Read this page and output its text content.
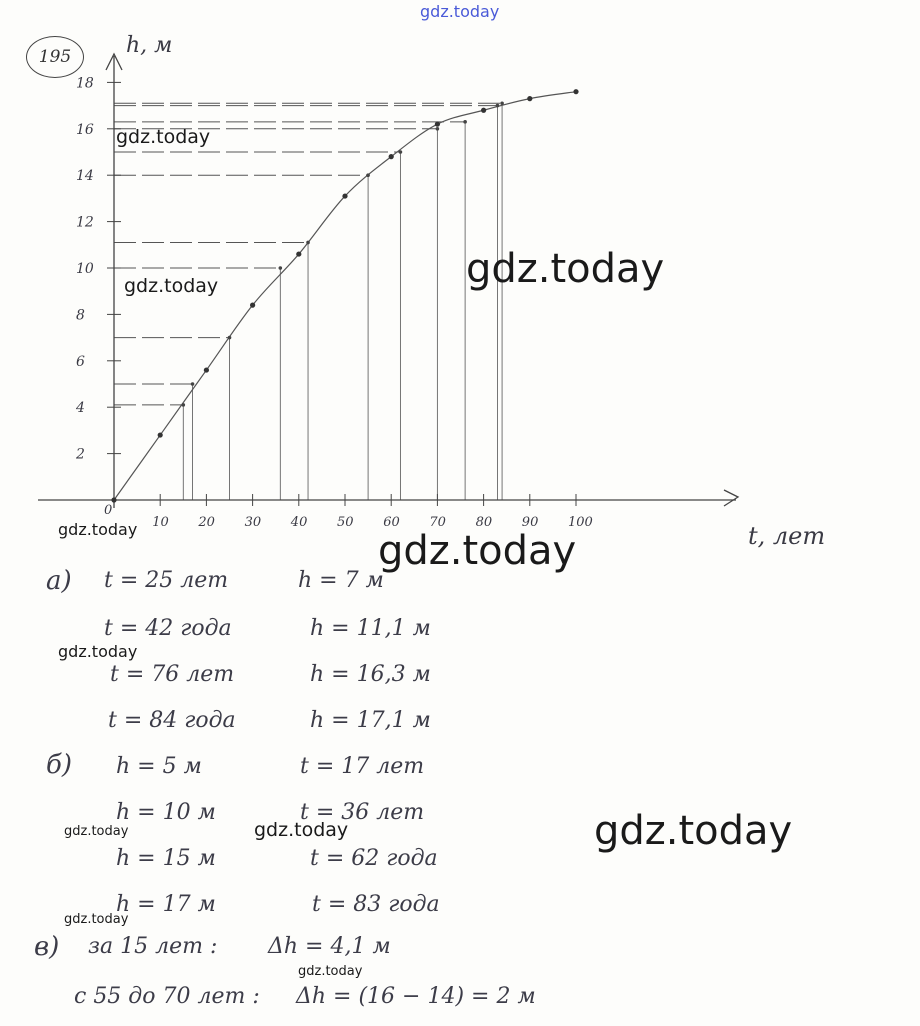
0
10 20 30 40 50 60 70 80 90 100
2
4
6
8
10
12
14
16
18
h, м
t, лет
195
gdz.today
gdz.today
gdz.today	gdz.today
gdz.today	gdz.today
gdz.today
gdz.today	gdz.today	gdz.today
gdz.today
gdz.today
а) t = 25 лет	h = 7 м
t = 42 года	h = 11,1 м
t = 76 лет	h = 16,3 м
t = 84 года	h = 17,1 м
б) h = 5 м	t = 17 лет
h = 10 м	t = 36 лет
h = 15 м	t = 62 года
h = 17 м	t = 83 года
в) за 15 лет : Δh = 4,1 м
с 55 до 70 лет : Δh = (16 − 14) = 2 м
